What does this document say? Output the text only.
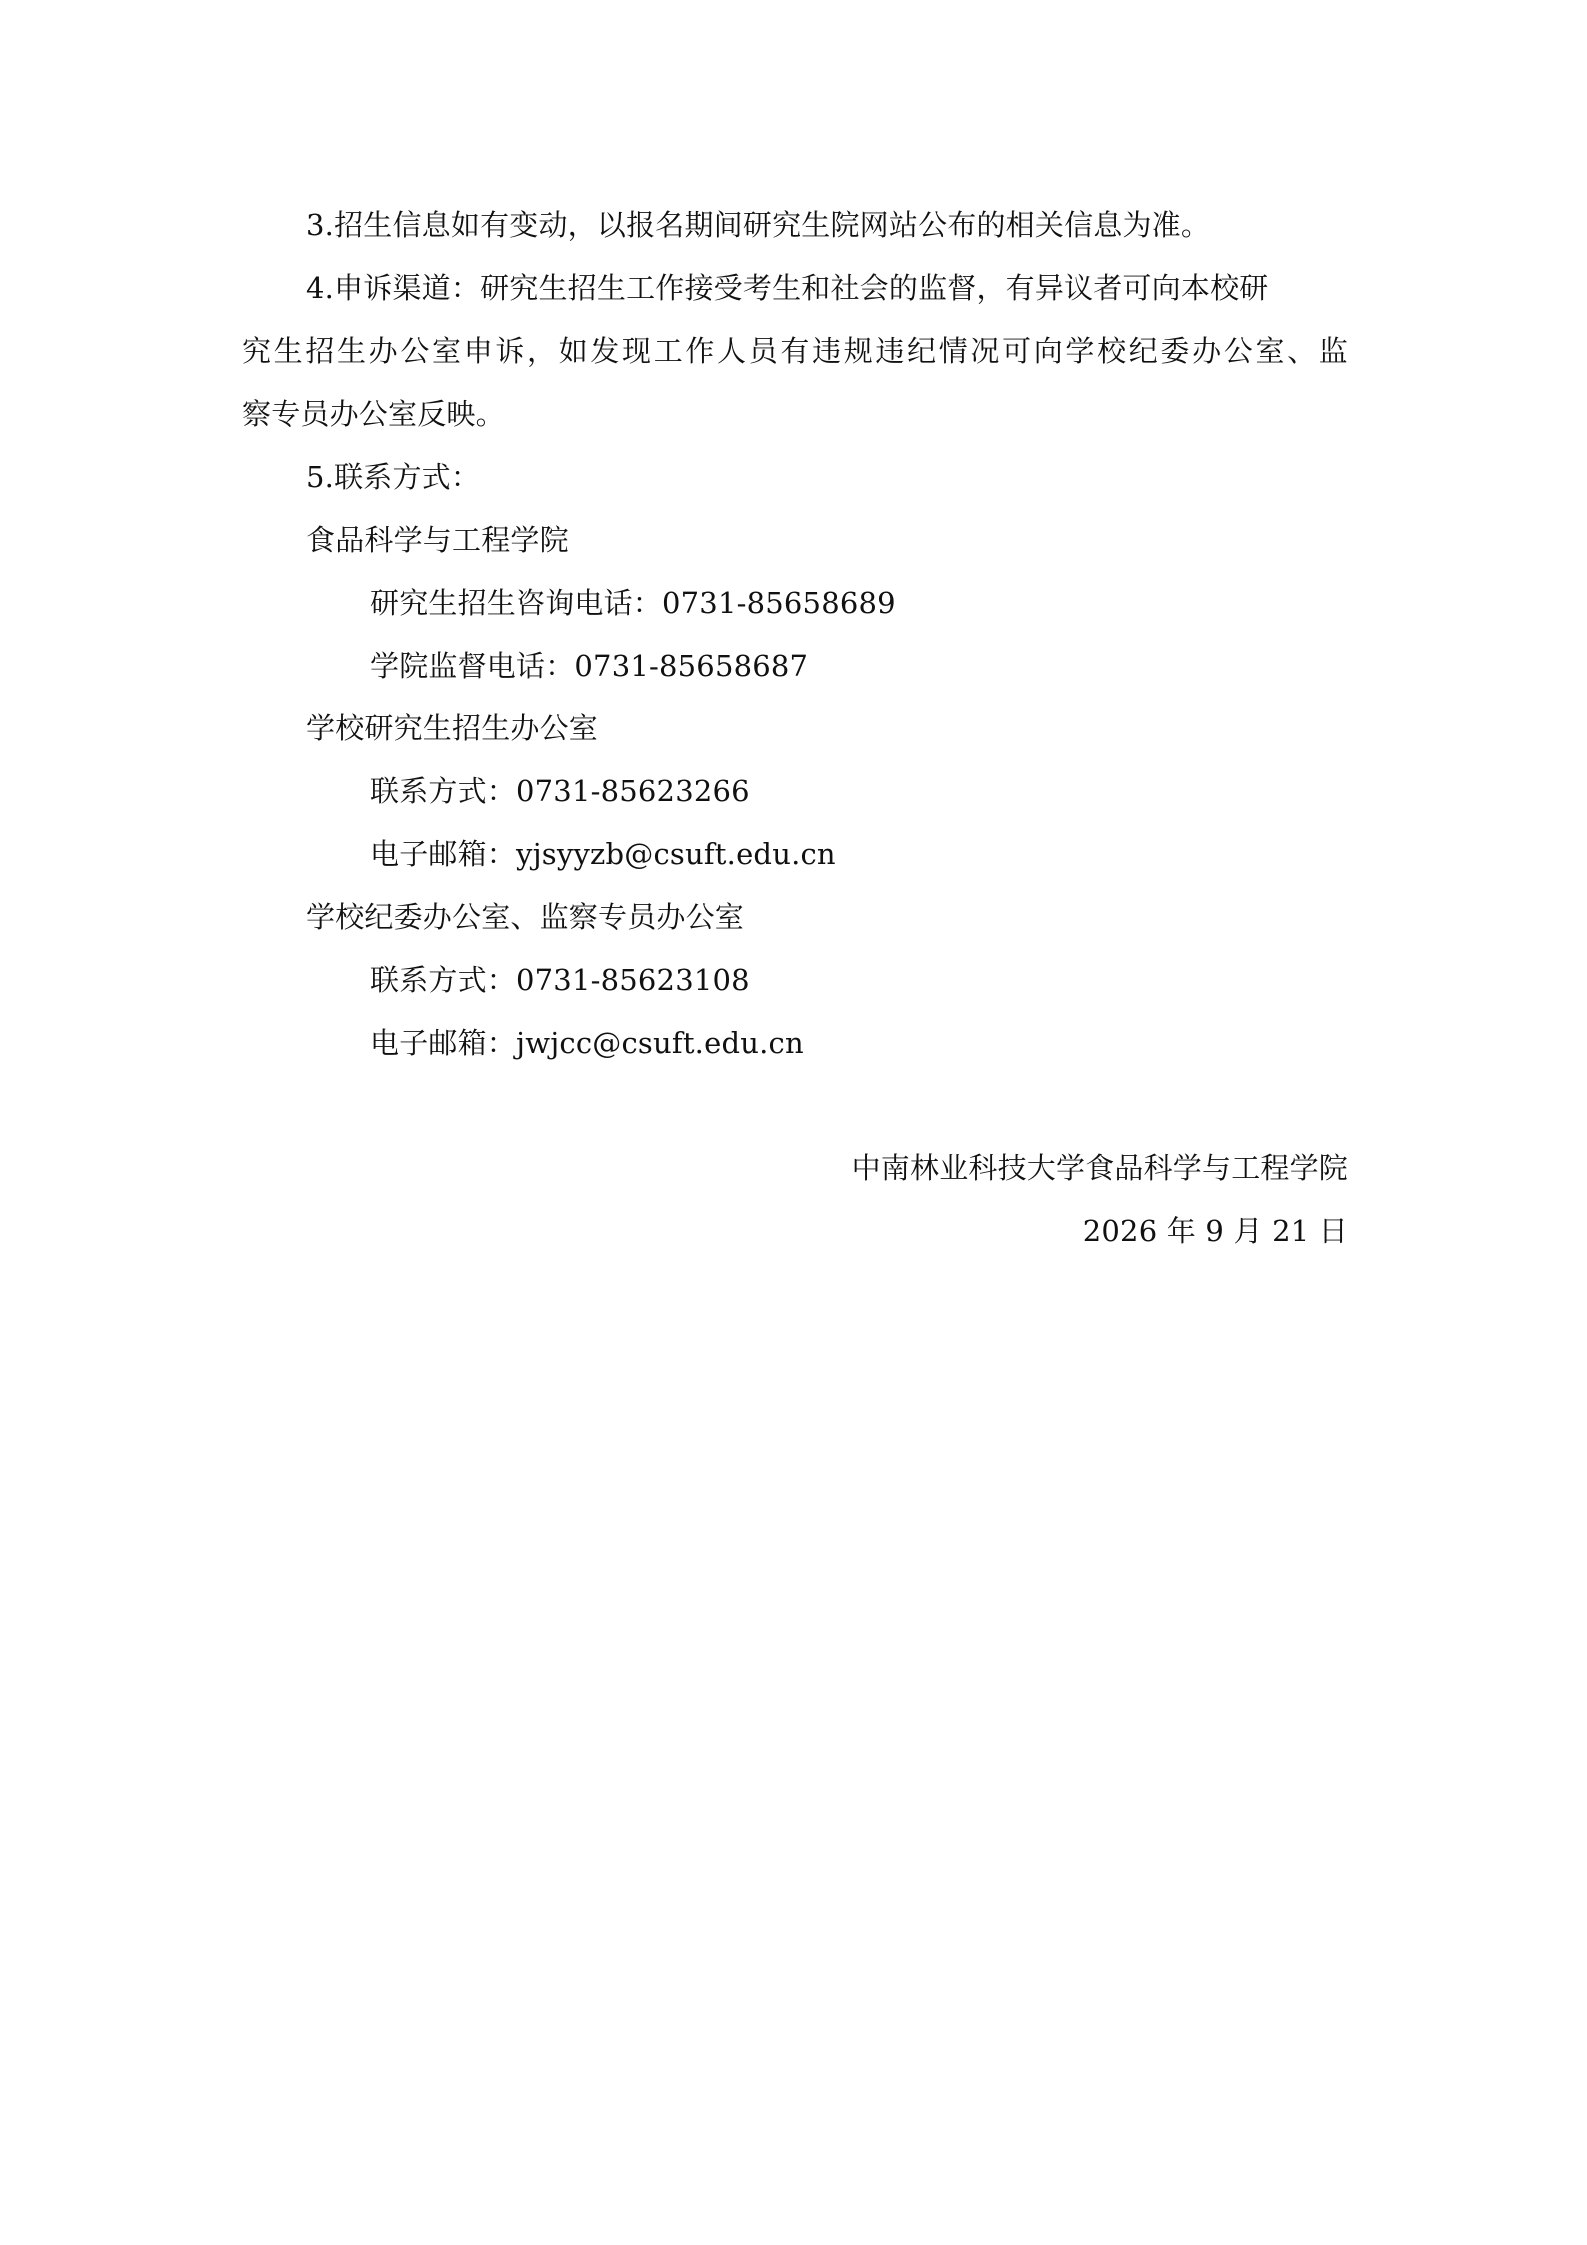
3.招生信息如有变动，以报名期间研究生院网站公布的相关信息为准。
4.申诉渠道：研究生招生工作接受考生和社会的监督，有异议者可向本校研
究生招生办公室申诉，如发现工作人员有违规违纪情况可向学校纪委办公室、监
察专员办公室反映。
5.联系方式：
食品科学与工程学院
研究生招生咨询电话：0731-85658689
学院监督电话：0731-85658687
学校研究生招生办公室
联系方式：0731-85623266
电子邮箱：yjsyyzb@csuft.edu.cn
学校纪委办公室、监察专员办公室
联系方式：0731-85623108
电子邮箱：jwjcc@csuft.edu.cn
中南林业科技大学食品科学与工程学院
2026 年 9 月 21 日
